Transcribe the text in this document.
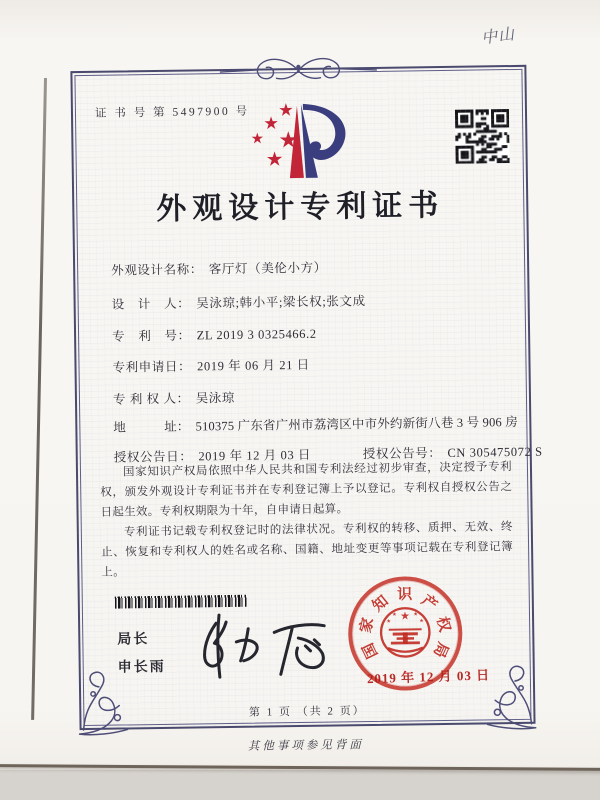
中山
证 书 号 第 5497900 号
外观设计专利证书
外观设计名称： 客厅灯（美伦小方）
设　计　人： 吴泳琼;韩小平;梁长权;张文成
专　利　号： ZL 2019 3 0325466.2
专利申请日： 2019 年 06 月 21 日
专 利 权 人： 吴泳琼
地　　　址： 510375 广东省广州市荔湾区中市外约新街八巷 3 号 906 房
授权公告日： 2019 年 12 月 03 日	授权公告号： CN 305475072 S

国家知识产权局依照中华人民共和国专利法经过初步审查，决定授予专利权，颁发外观设计专利证书并在专利登记簿上予以登记。专利权自授权公告之日起生效。专利权期限为十年，自申请日起算。

专利证书记载专利权登记时的法律状况。专利权的转移、质押、无效、终止、恢复和专利权人的姓名或名称、国籍、地址变更等事项记载在专利登记簿上。

局长
申长雨
国
家
知 识 产
权
局
2019 年 12 月 03 日
第 1 页 （共 2 页）
其他事项参见背面
